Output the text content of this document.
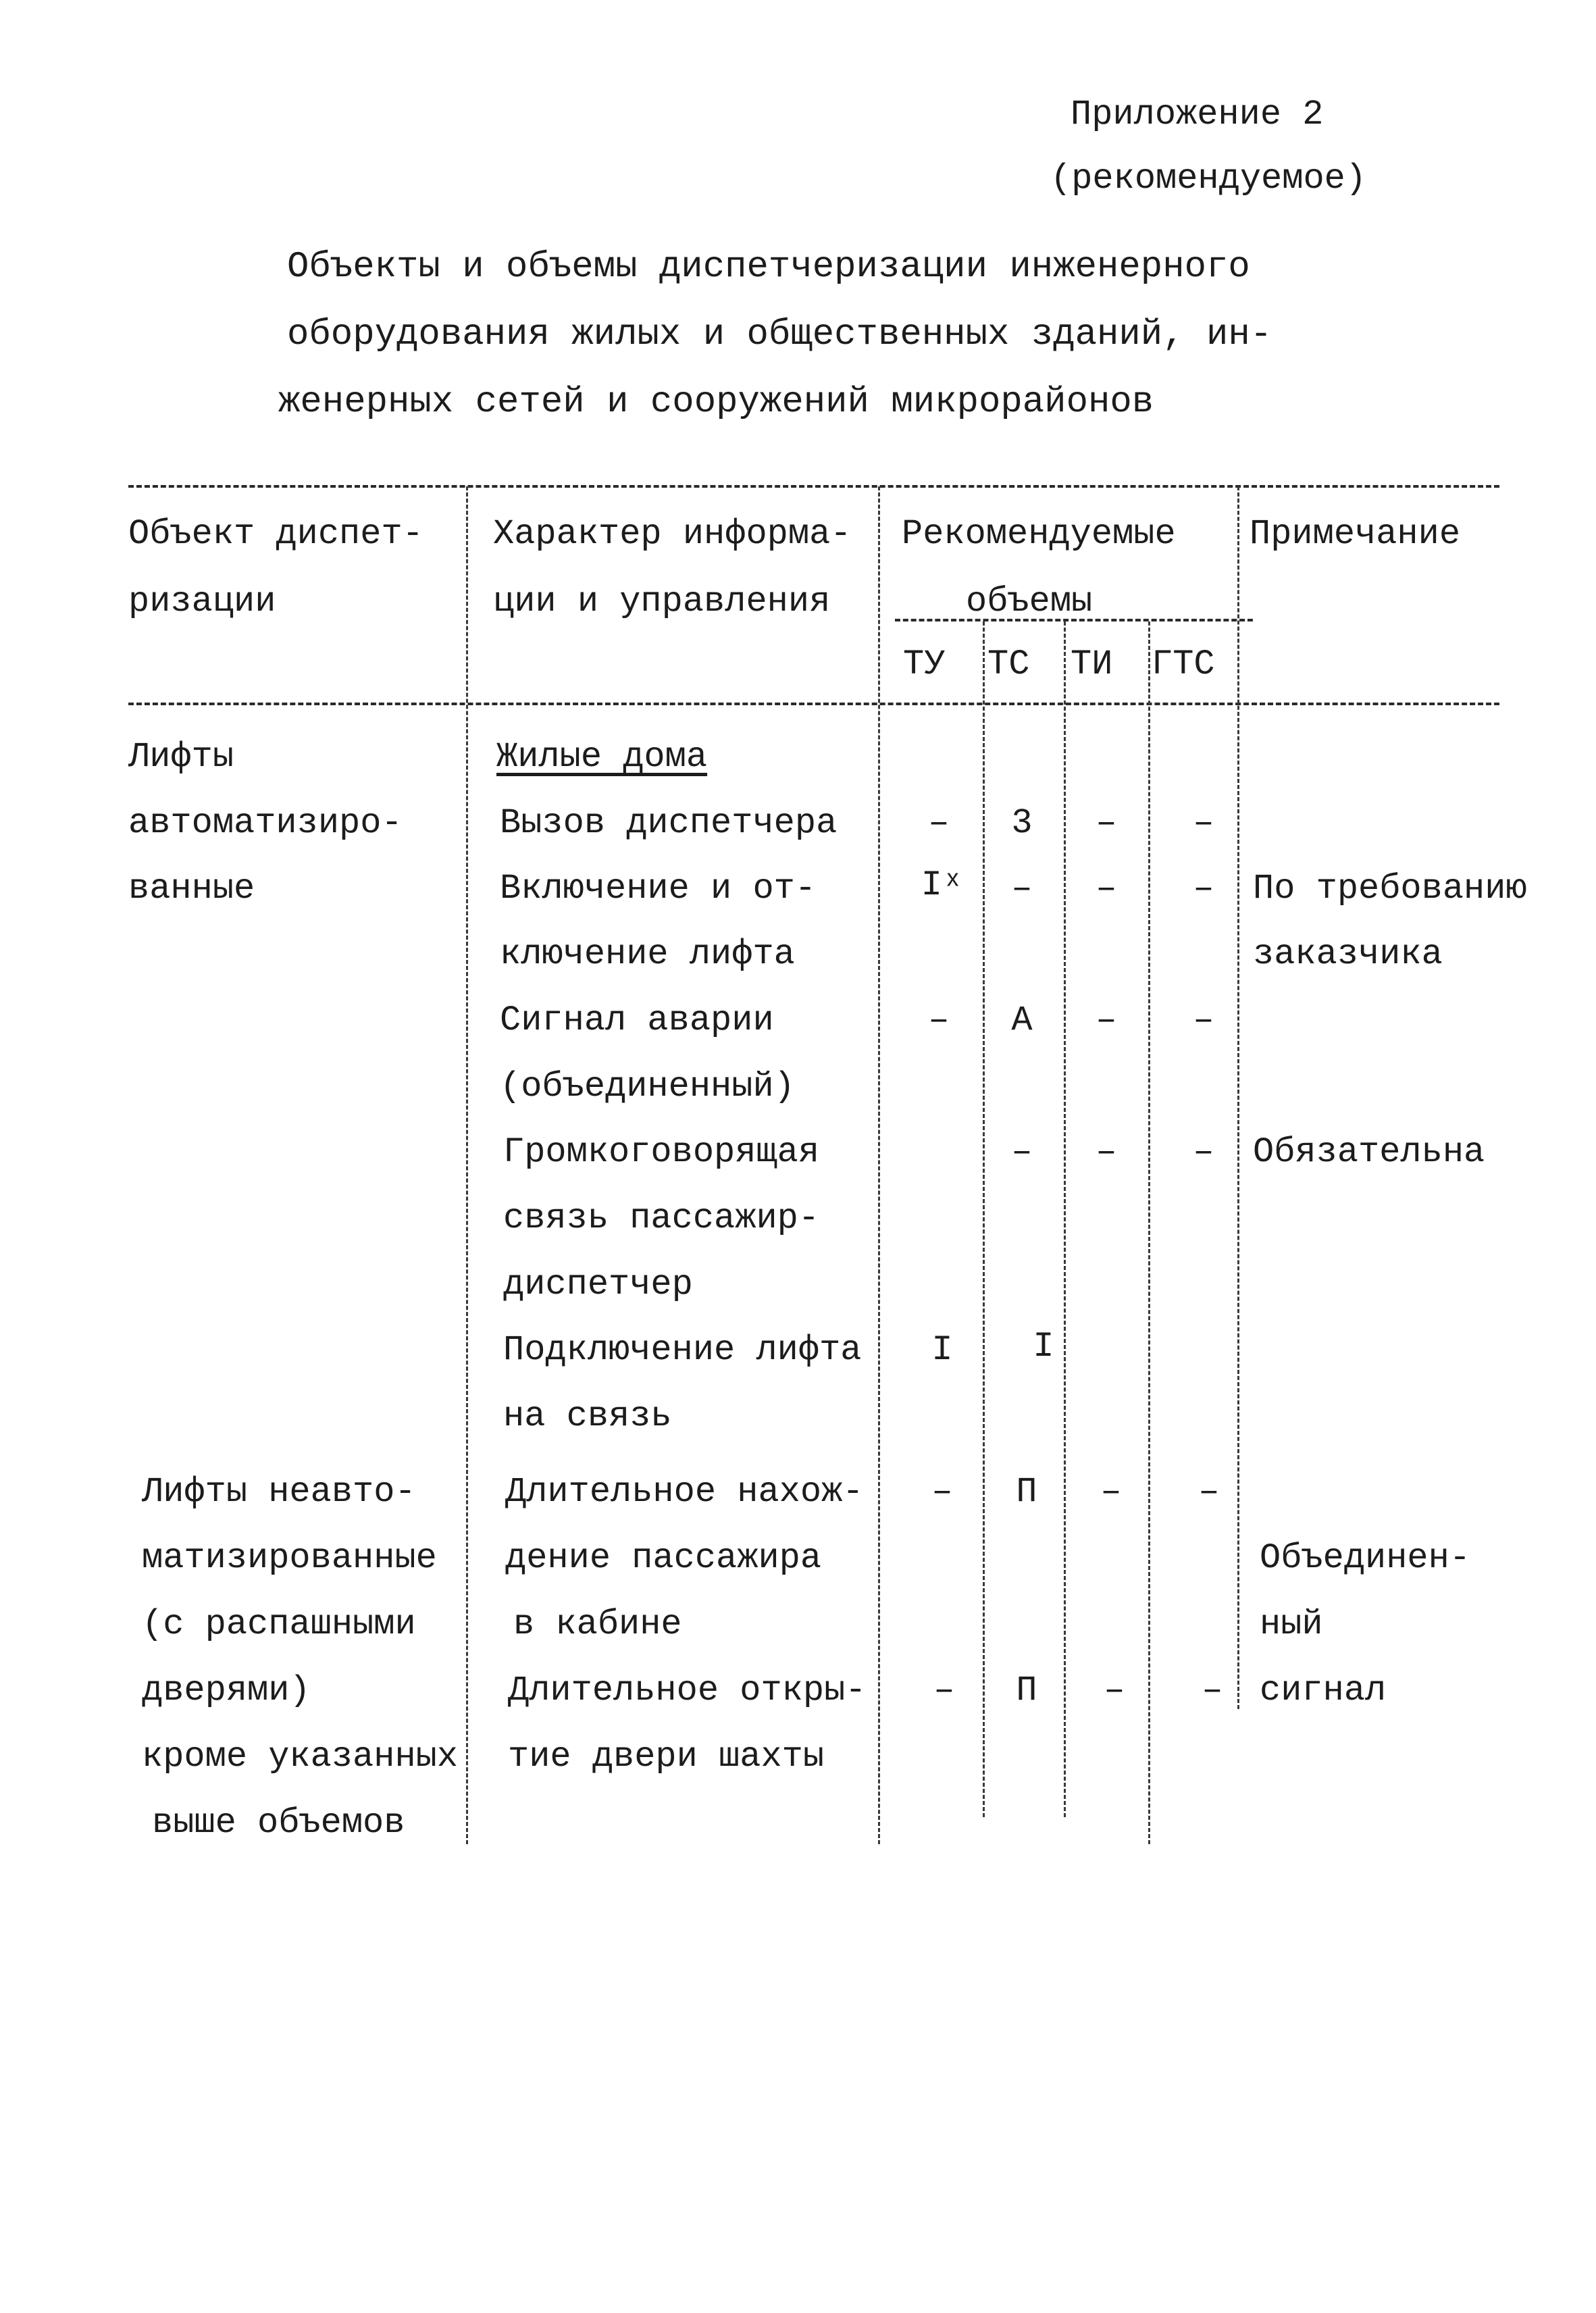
Приложение 2
(рекомендуемое)
Объекты и объемы диспетчеризации инженерного
оборудования жилых и общественных зданий, ин-
женерных сетей и сооружений микрорайонов
Объект диспет-
ризации
Характер информа-
ции и управления
Рекомендуемые
объемы
Примечание
ТУ ТС ТИ ГТС
Лифты
автоматизиро-
ванные
Жилые дома
Вызов диспетчера	– 3 – –
Включение и от-
ключение лифта
Iˣ – – – По требованию
заказчика
Сигнал аварии
(объединенный)
– А – –
Громкоговорящая
связь пассажир-
диспетчер
– – – Обязательна
Подключение лифта
на связь
I I
Лифты неавто-
матизированные
(с распашными
дверями)
кроме указанных
выше объемов
Длительное нахож-
дение пассажира
в кабине
– П – –
Объединен-
ный
сигнал
Длительное откры-
тие двери шахты
– П – –
